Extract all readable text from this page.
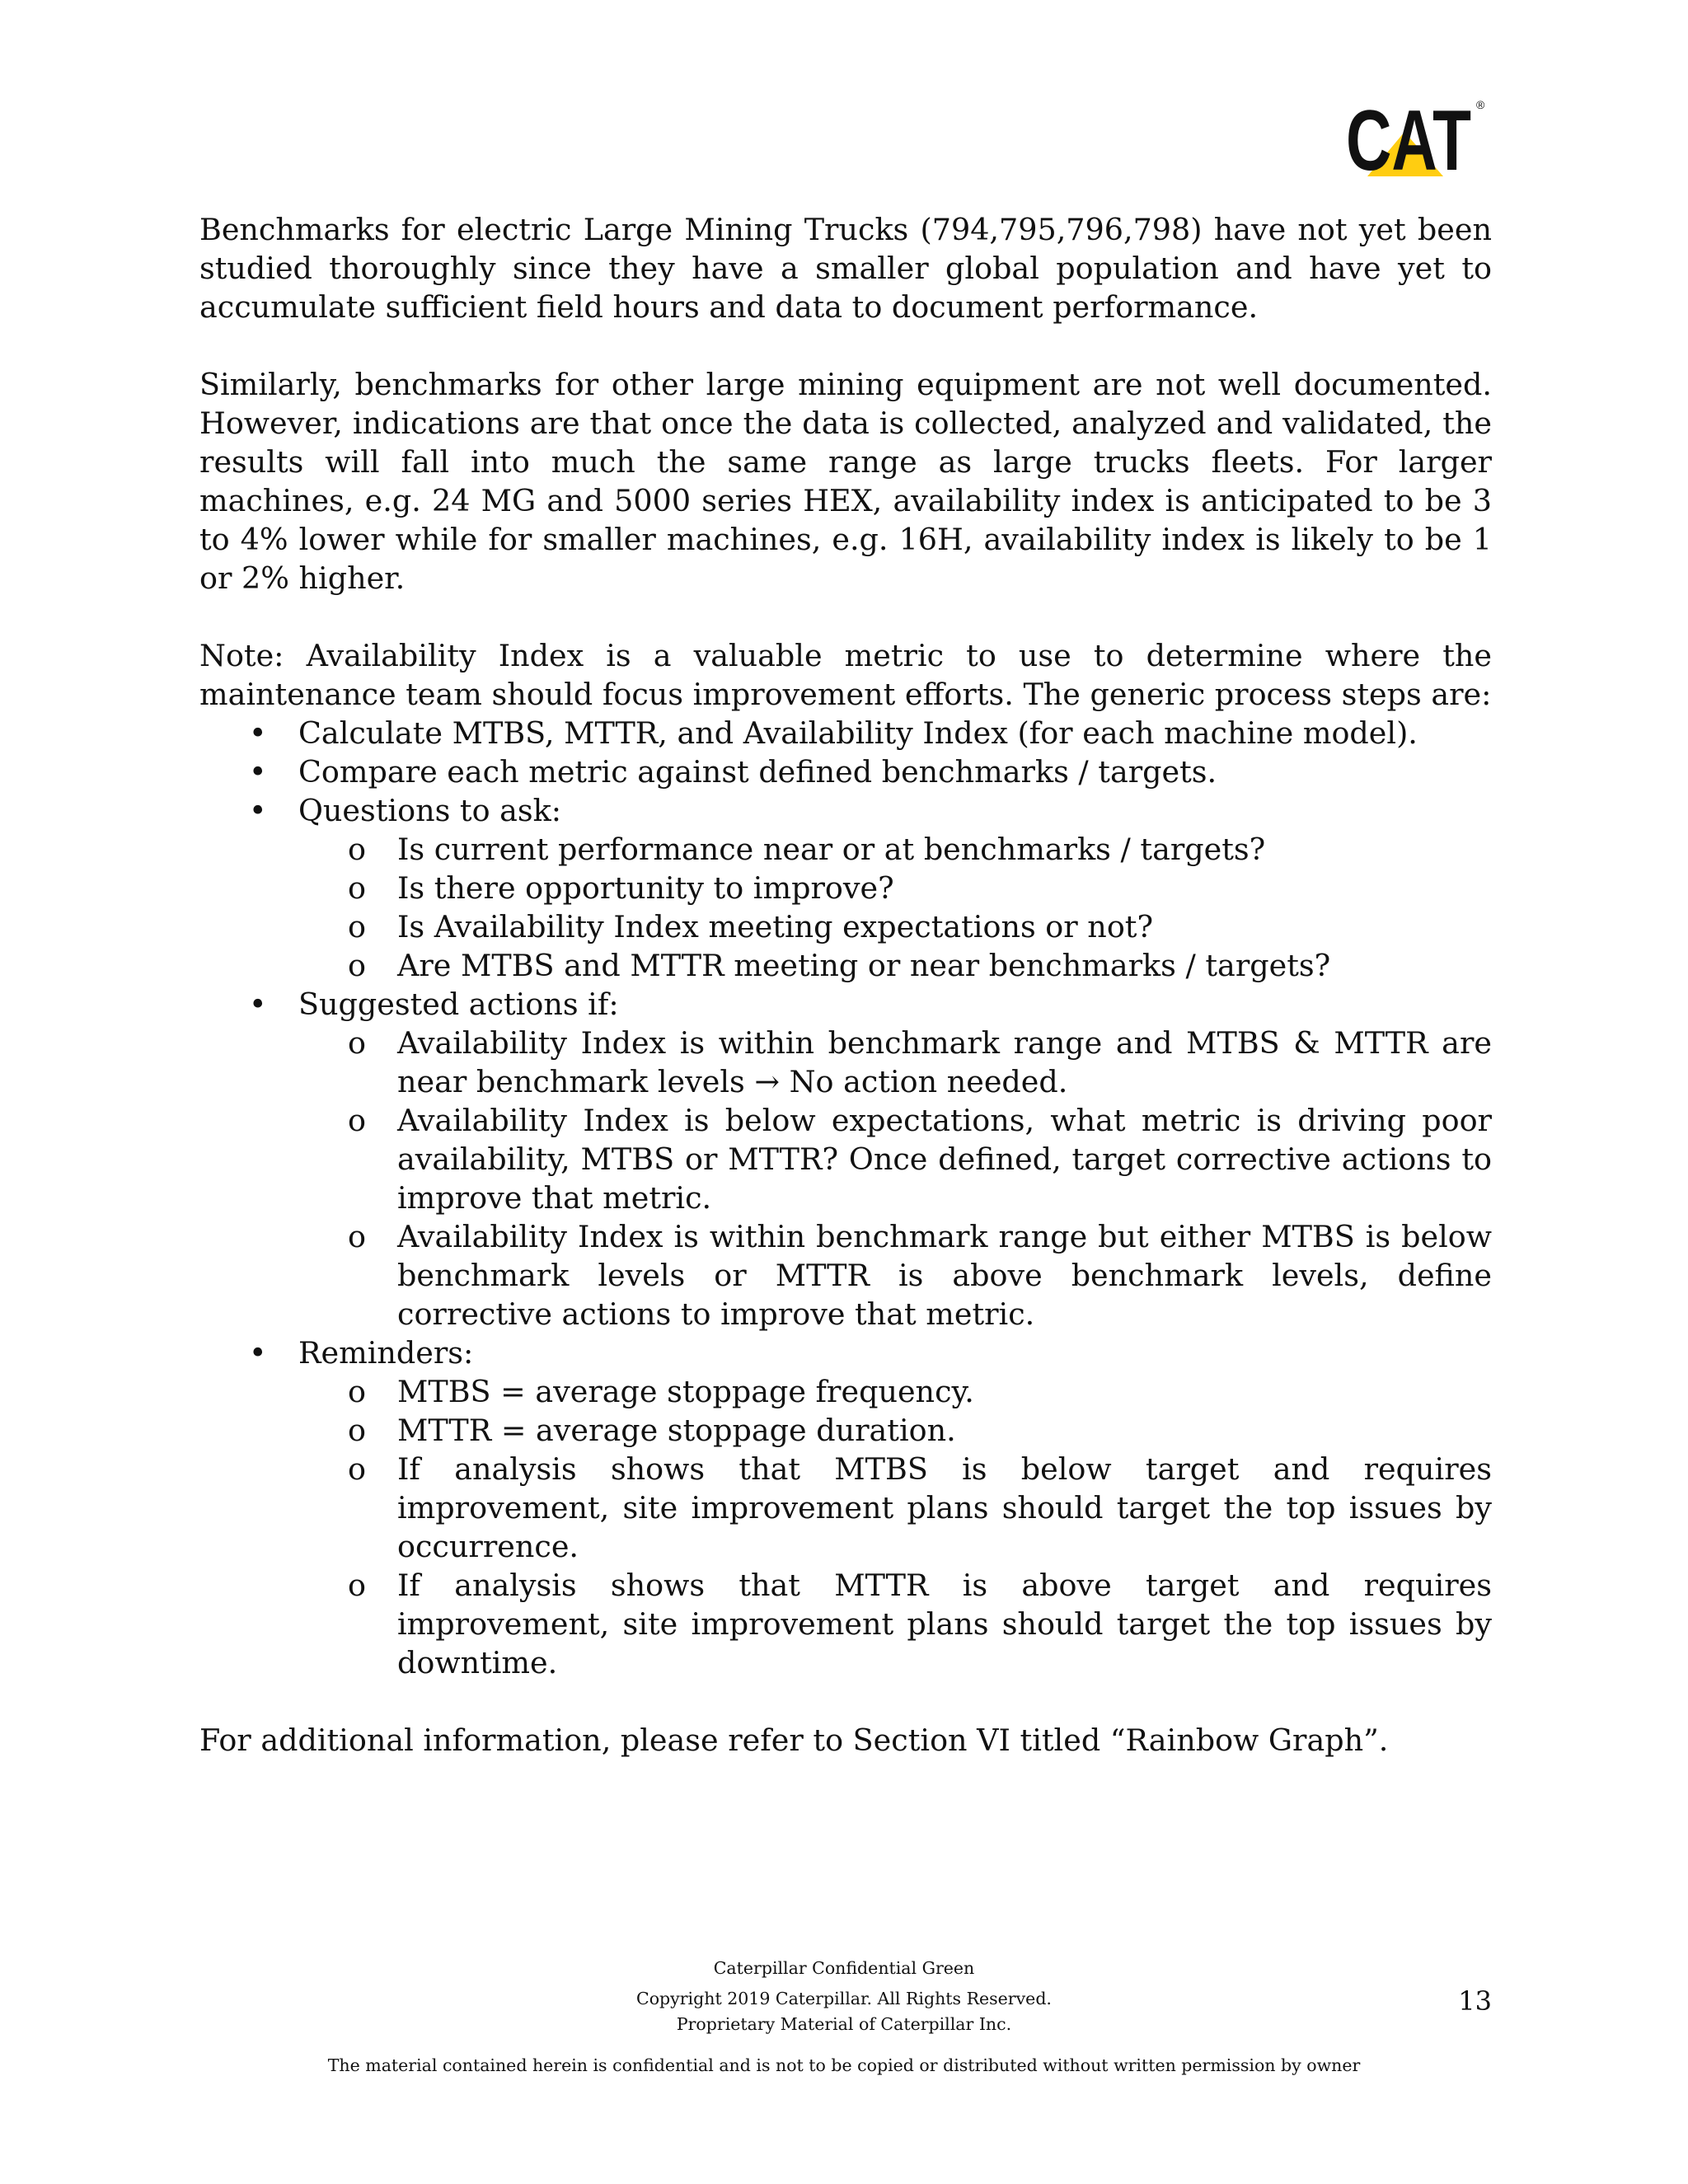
CAT ®

Benchmarks for electric Large Mining Trucks (794,795,796,798) have not yet been studied thoroughly since they have a smaller global population and have yet to accumulate sufficient field hours and data to document performance.

Similarly, benchmarks for other large mining equipment are not well documented. However, indications are that once the data is collected, analyzed and validated, the results will fall into much the same range as large trucks fleets. For larger machines, e.g. 24 MG and 5000 series HEX, availability index is anticipated to be 3 to 4% lower while for smaller machines, e.g. 16H, availability index is likely to be 1 or 2% higher.

Note: Availability Index is a valuable metric to use to determine where the maintenance team should focus improvement efforts. The generic process steps are:

• Calculate MTBS, MTTR, and Availability Index (for each machine model).
• Compare each metric against defined benchmarks / targets.
• Questions to ask:
o Is current performance near or at benchmarks / targets?
o Is there opportunity to improve?
o Is Availability Index meeting expectations or not?
o Are MTBS and MTTR meeting or near benchmarks / targets?
• Suggested actions if:
o Availability Index is within benchmark range and MTBS & MTTR are near benchmark levels → No action needed.
o Availability Index is below expectations, what metric is driving poor availability, MTBS or MTTR? Once defined, target corrective actions to improve that metric.
o Availability Index is within benchmark range but either MTBS is below benchmark levels or MTTR is above benchmark levels, define corrective actions to improve that metric.
• Reminders:
o MTBS = average stoppage frequency.
o MTTR = average stoppage duration.
o If analysis shows that MTBS is below target and requires improvement, site improvement plans should target the top issues by occurrence.
o If analysis shows that MTTR is above target and requires improvement, site improvement plans should target the top issues by downtime.

For additional information, please refer to Section VI titled “Rainbow Graph”.

Caterpillar Confidential Green
Copyright 2019 Caterpillar. All Rights Reserved.
Proprietary Material of Caterpillar Inc.
13
The material contained herein is confidential and is not to be copied or distributed without written permission by owner
